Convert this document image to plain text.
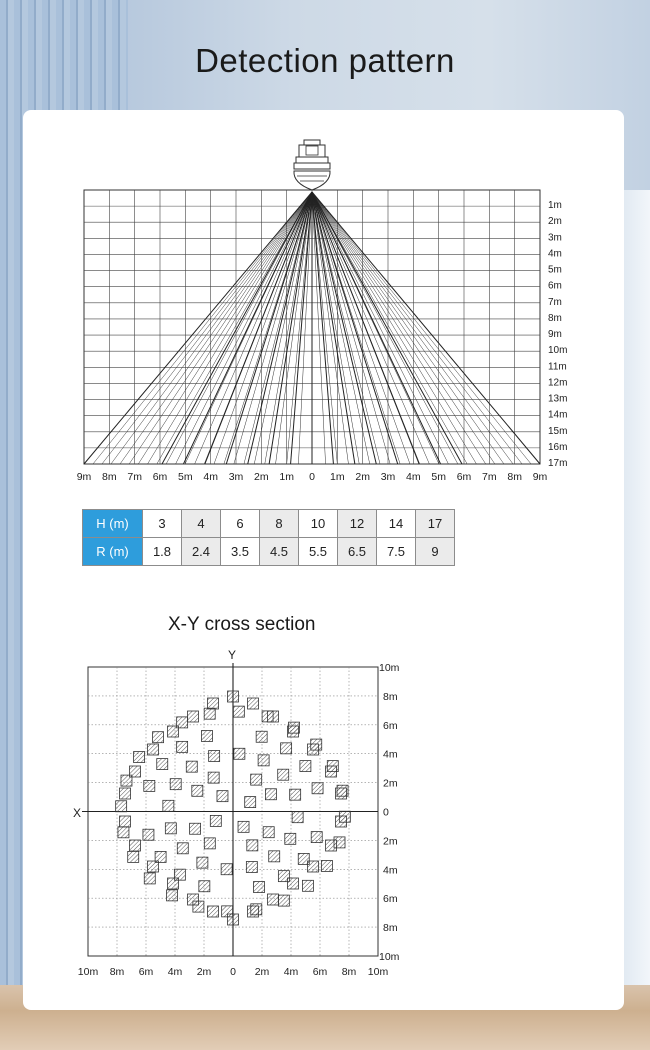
Detection pattern
1m
2m
3m
4m
5m
6m
7m
8m
9m
10m
11m
12m
13m
14m
15m
16m
17m
9m 8m 7m 6m 5m 4m 3m 2m 1m 0 1m 2m 3m 4m 5m 6m 7m 8m 9m
H (m)	3	4	6	8	10	12	14	17
R (m)	1.8	2.4	3.5	4.5	5.5	6.5	7.5	9

X-Y cross section

X
Y
10m
8m
6m
4m
2m
0
2m
4m
6m
8m
10m
10m 8m 6m 4m 2m 0 2m 4m 6m 8m 10m
